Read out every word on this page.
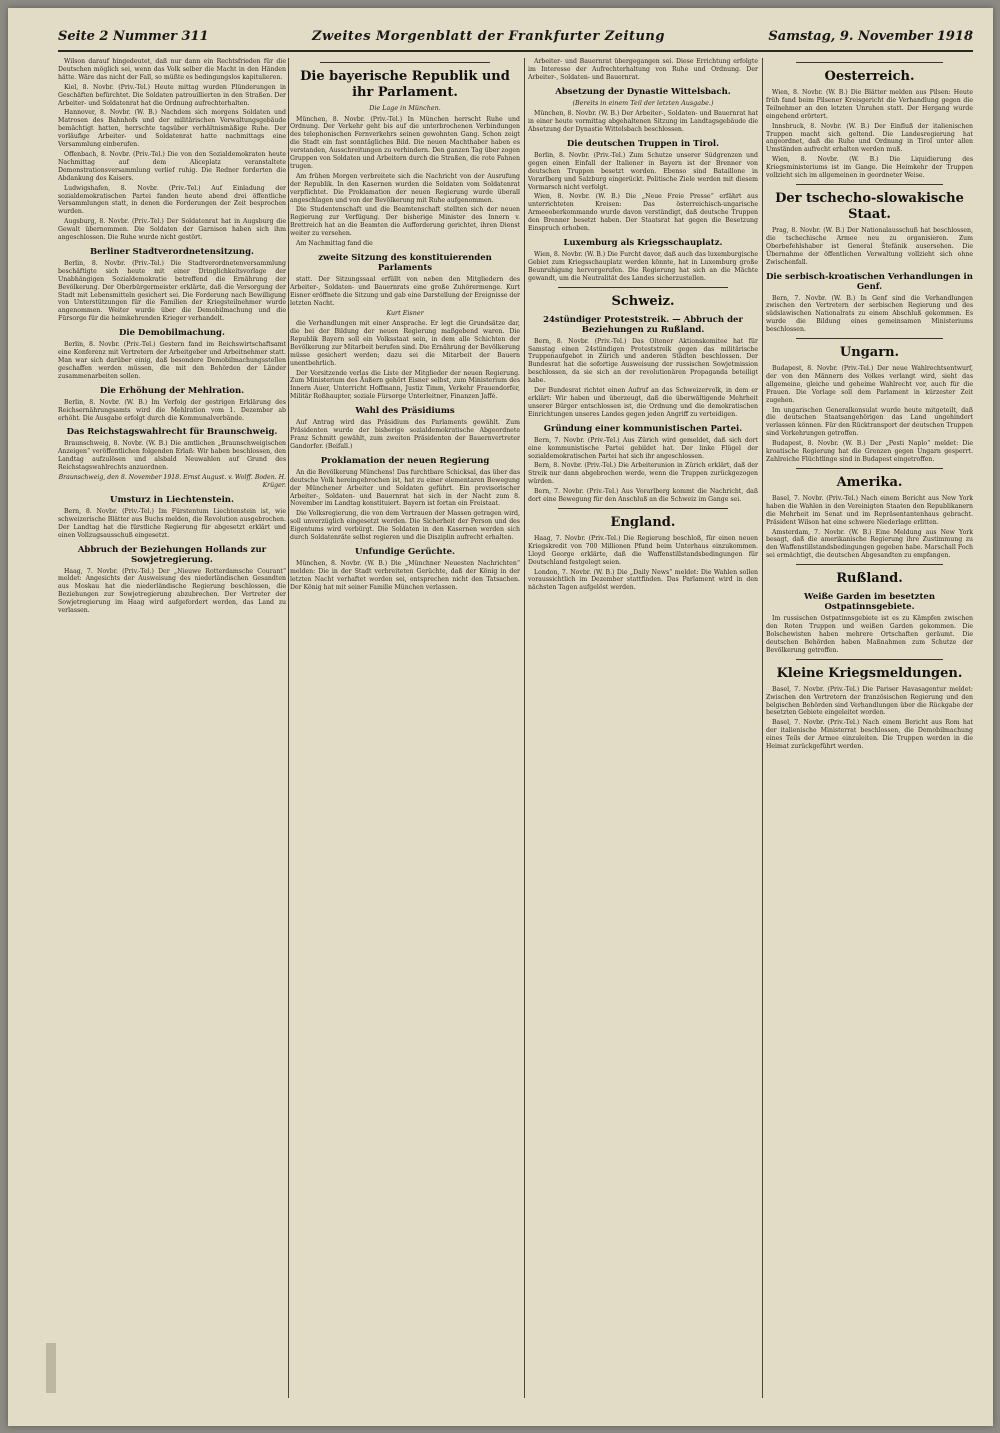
Seite 2 Nummer 311	Zweites Morgenblatt der Frankfurter Zeitung	Samstag, 9. November 1918
Wilson darauf hingedeutet, daß nur dann ein Rechtsfrieden für die Deutschen möglich sei, wenn das Volk selber die Macht in den Händen hätte. Wäre das nicht der Fall, so müßte es bedingungslos kapitulieren.
Kiel, 8. Novbr. (Priv.-Tel.) Heute mittag wurden Plünderungen in Geschäften befürchtet. Die Soldaten patrouillierten in den Straßen. Der Arbeiter- und Soldatenrat hat die Ordnung aufrechterhalten.
Hannover, 8. Novbr. (W. B.) Nachdem sich morgens Soldaten und Matrosen des Bahnhofs und der militärischen Verwaltungsgebäude bemächtigt hatten, herrschte tagsüber verhältnismäßige Ruhe. Der vorläufige Arbeiter- und Soldatenrat hatte nachmittags eine Versammlung einberufen.
Offenbach, 8. Novbr. (Priv.-Tel.) Die von den Sozialdemokraten heute Nachmittag auf dem Aliceplatz veranstaltete Demonstrationsversammlung verlief ruhig. Die Redner forderten die Abdankung des Kaisers.
Ludwigshafen, 8. Novbr. (Priv.-Tel.) Auf Einladung der sozialdemokratischen Partei fanden heute abend drei öffentliche Versammlungen statt, in denen die Forderungen der Zeit besprochen wurden.
Augsburg, 8. Novbr. (Priv.-Tel.) Der Soldatenrat hat in Augsburg die Gewalt übernommen. Die Soldaten der Garnison haben sich ihm angeschlossen. Die Ruhe wurde nicht gestört.
Berliner Stadtverordnetensitzung.
Berlin, 8. Novbr. (Priv.-Tel.) Die Stadtverordnetenversammlung beschäftigte sich heute mit einer Dringlichkeitsvorlage der Unabhängigen Sozialdemokratie betreffend die Ernährung der Bevölkerung. Der Oberbürgermeister erklärte, daß die Versorgung der Stadt mit Lebensmitteln gesichert sei. Die Forderung nach Bewilligung von Unterstützungen für die Familien der Kriegsteilnehmer wurde angenommen. Weiter wurde über die Demobilmachung und die Fürsorge für die heimkehrenden Krieger verhandelt.
Die Demobilmachung.
Berlin, 8. Novbr. (Priv.-Tel.) Gestern fand im Reichswirtschaftsamt eine Konferenz mit Vertretern der Arbeitgeber und Arbeitnehmer statt. Man war sich darüber einig, daß besondere Demobilmachungsstellen geschaffen werden müssen, die mit den Behörden der Länder zusammenarbeiten sollen.
Die Erhöhung der Mehlration.
Berlin, 8. Novbr. (W. B.) Im Verfolg der gestrigen Erklärung des Reichsernährungsamts wird die Mehlration vom 1. Dezember ab erhöht. Die Ausgabe erfolgt durch die Kommunalverbände.
Das Reichstagswahlrecht für Braunschweig.
Braunschweig, 8. Novbr. (W. B.) Die amtlichen „Braunschweigischen Anzeigen“ veröffentlichen folgenden Erlaß: Wir haben beschlossen, den Landtag aufzulösen und alsbald Neuwahlen auf Grund des Reichstagswahlrechts anzuordnen.
Braunschweig, den 8. November 1918. Ernst August. v. Wolff. Boden. H. Krüger.
Umsturz in Liechtenstein.
Bern, 8. Novbr. (Priv.-Tel.) Im Fürstentum Liechtenstein ist, wie schweizerische Blätter aus Buchs melden, die Revolution ausgebrochen. Der Landtag hat die fürstliche Regierung für abgesetzt erklärt und einen Vollzugsausschuß eingesetzt.
Abbruch der Beziehungen Hollands zur Sowjetregierung.
Haag, 7. Novbr. (Priv.-Tel.) Der „Nieuwe Rotterdamsche Courant“ meldet: Angesichts der Ausweisung des niederländischen Gesandten aus Moskau hat die niederländische Regierung beschlossen, die Beziehungen zur Sowjetregierung abzubrechen. Der Vertreter der Sowjetregierung im Haag wird aufgefordert werden, das Land zu verlassen.
Die bayerische Republik und ihr Parlament.
Die Lage in München.
München, 8. Novbr. (Priv.-Tel.) In München herrscht Ruhe und Ordnung. Der Verkehr geht bis auf die unterbrochenen Verbindungen des telephonischen Fernverkehrs seinen gewohnten Gang. Schon zeigt die Stadt ein fast sonntägliches Bild. Die neuen Machthaber haben es verstanden, Ausschreitungen zu verhindern. Den ganzen Tag über zogen Gruppen von Soldaten und Arbeitern durch die Straßen, die rote Fahnen trugen.
Am frühen Morgen verbreitete sich die Nachricht von der Ausrufung der Republik. In den Kasernen wurden die Soldaten vom Soldatenrat verpflichtet. Die Proklamation der neuen Regierung wurde überall angeschlagen und von der Bevölkerung mit Ruhe aufgenommen.
Die Studentenschaft und die Beamtenschaft stellten sich der neuen Regierung zur Verfügung. Der bisherige Minister des Innern v. Brettreich hat an die Beamten die Aufforderung gerichtet, ihren Dienst weiter zu versehen.
Am Nachmittag fand die
zweite Sitzung des konstituierenden Parlaments
statt. Der Sitzungssaal erfüllt von neben den Mitgliedern des Arbeiter-, Soldaten- und Bauernrats eine große Zuhörermenge. Kurt Eisner eröffnete die Sitzung und gab eine Darstellung der Ereignisse der letzten Nacht.
Kurt Eisner
die Verhandlungen mit einer Ansprache. Er legt die Grundsätze dar, die bei der Bildung der neuen Regierung maßgebend waren. Die Republik Bayern soll ein Volksstaat sein, in dem alle Schichten der Bevölkerung zur Mitarbeit berufen sind. Die Ernährung der Bevölkerung müsse gesichert werden; dazu sei die Mitarbeit der Bauern unentbehrlich.
Der Vorsitzende verlas die Liste der Mitglieder der neuen Regierung. Zum Ministerium des Äußern gehört Eisner selbst, zum Ministerium des Innern Auer, Unterricht Hoffmann, Justiz Timm, Verkehr Frauendorfer, Militär Roßhaupter, soziale Fürsorge Unterleitner, Finanzen Jaffé.
Wahl des Präsidiums
Auf Antrag wird das Präsidium des Parlaments gewählt. Zum Präsidenten wurde der bisherige sozialdemokratische Abgeordnete Franz Schmitt gewählt, zum zweiten Präsidenten der Bauernvertreter Gandorfer. (Beifall.)
Proklamation der neuen Regierung
An die Bevölkerung Münchens! Das furchtbare Schicksal, das über das deutsche Volk hereingebrochen ist, hat zu einer elementaren Bewegung der Münchener Arbeiter und Soldaten geführt. Ein provisorischer Arbeiter-, Soldaten- und Bauernrat hat sich in der Nacht zum 8. November im Landtag konstituiert. Bayern ist fortan ein Freistaat.
Die Volksregierung, die von dem Vertrauen der Massen getragen wird, soll unverzüglich eingesetzt werden. Die Sicherheit der Person und des Eigentums wird verbürgt. Die Soldaten in den Kasernen werden sich durch Soldatenräte selbst regieren und die Disziplin aufrecht erhalten.
Unfundige Gerüchte.
München, 8. Novbr. (W. B.) Die „Münchner Neuesten Nachrichten“ melden: Die in der Stadt verbreiteten Gerüchte, daß der König in der letzten Nacht verhaftet worden sei, entsprechen nicht den Tatsachen. Der König hat mit seiner Familie München verlassen.
Arbeiter- und Bauernrat übergegangen sei. Diese Errichtung erfolgte im Interesse der Aufrechterhaltung von Ruhe und Ordnung. Der Arbeiter-, Soldaten- und Bauernrat.
Absetzung der Dynastie Wittelsbach.
(Bereits in einem Teil der letzten Ausgabe.)
München, 8. Novbr. (W. B.) Der Arbeiter-, Soldaten- und Bauernrat hat in einer heute vormittag abgehaltenen Sitzung im Landtagsgebäude die Absetzung der Dynastie Wittelsbach beschlossen.
Die deutschen Truppen in Tirol.
Berlin, 8. Novbr. (Priv.-Tel.) Zum Schutze unserer Südgrenzen und gegen einen Einfall der Italiener in Bayern ist der Brenner von deutschen Truppen besetzt worden. Ebenso sind Bataillone in Vorarlberg und Salzburg eingerückt. Politische Ziele werden mit diesem Vormarsch nicht verfolgt.
Wien, 8. Novbr. (W. B.) Die „Neue Freie Presse“ erfährt aus unterrichteten Kreisen: Das österreichisch-ungarische Armeeoberkommando wurde davon verständigt, daß deutsche Truppen den Brenner besetzt haben. Der Staatsrat hat gegen die Besetzung Einspruch erhoben.
Luxemburg als Kriegsschauplatz.
Wien, 8. Novbr. (W. B.) Die Furcht davor, daß auch das luxemburgische Gebiet zum Kriegsschauplatz werden könnte, hat in Luxemburg große Beunruhigung hervorgerufen. Die Regierung hat sich an die Mächte gewandt, um die Neutralität des Landes sicherzustellen.
Schweiz.
24stündiger Proteststreik. — Abbruch der Beziehungen zu Rußland.
Bern, 8. Novbr. (Priv.-Tel.) Das Oltener Aktionskomitee hat für Samstag einen 24stündigen Proteststreik gegen das militärische Truppenaufgebot in Zürich und anderen Städten beschlossen. Der Bundesrat hat die sofortige Ausweisung der russischen Sowjetmission beschlossen, da sie sich an der revolutionären Propaganda beteiligt habe.
Der Bundesrat richtet einen Aufruf an das Schweizervolk, in dem er erklärt: Wir haben und überzeugt, daß die überwältigende Mehrheit unserer Bürger entschlossen ist, die Ordnung und die demokratischen Einrichtungen unseres Landes gegen jeden Angriff zu verteidigen.
Gründung einer kommunistischen Partei.
Bern, 7. Novbr. (Priv.-Tel.) Aus Zürich wird gemeldet, daß sich dort eine kommunistische Partei gebildet hat. Der linke Flügel der sozialdemokratischen Partei hat sich ihr angeschlossen.
Bern, 8. Novbr. (Priv.-Tel.) Die Arbeiterunion in Zürich erklärt, daß der Streik nur dann abgebrochen werde, wenn die Truppen zurückgezogen würden.
Bern, 7. Novbr. (Priv.-Tel.) Aus Vorarlberg kommt die Nachricht, daß dort eine Bewegung für den Anschluß an die Schweiz im Gange sei.
England.
Haag, 7. Novbr. (Priv.-Tel.) Die Regierung beschloß, für einen neuen Kriegskredit von 700 Millionen Pfund beim Unterhaus einzukommen. Lloyd George erklärte, daß die Waffenstillstandsbedingungen für Deutschland festgelegt seien.
London, 7. Novbr. (W. B.) Die „Daily News“ meldet: Die Wahlen sollen voraussichtlich im Dezember stattfinden. Das Parlament wird in den nächsten Tagen aufgelöst werden.
Oesterreich.
Wien, 8. Novbr. (W. B.) Die Blätter melden aus Pilsen: Heute früh fand beim Pilsener Kreisgericht die Verhandlung gegen die Teilnehmer an den letzten Unruhen statt. Der Hergang wurde eingehend erörtert.
Innsbruck, 8. Novbr. (W. B.) Der Einfluß der italienischen Truppen macht sich geltend. Die Landesregierung hat angeordnet, daß die Ruhe und Ordnung in Tirol unter allen Umständen aufrecht erhalten werden muß.
Wien, 8. Novbr. (W. B.) Die Liquidierung des Kriegsministeriums ist im Gange. Die Heimkehr der Truppen vollzieht sich im allgemeinen in geordneter Weise.
Der tschecho-slowakische Staat.
Prag, 8. Novbr. (W. B.) Der Nationalausschuß hat beschlossen, die tschechische Armee neu zu organisieren. Zum Oberbefehlshaber ist General Štefánik ausersehen. Die Übernahme der öffentlichen Verwaltung vollzieht sich ohne Zwischenfall.
Die serbisch-kroatischen Verhandlungen in Genf.
Bern, 7. Novbr. (W. B.) In Genf sind die Verhandlungen zwischen den Vertretern der serbischen Regierung und des südslawischen Nationalrats zu einem Abschluß gekommen. Es wurde die Bildung eines gemeinsamen Ministeriums beschlossen.
Ungarn.
Budapest, 8. Novbr. (Priv.-Tel.) Der neue Wahlrechtsentwurf, der von den Männern des Volkes verlangt wird, sieht das allgemeine, gleiche und geheime Wahlrecht vor, auch für die Frauen. Die Vorlage soll dem Parlament in kürzester Zeit zugehen.
Im ungarischen Generalkonsulat wurde heute mitgeteilt, daß die deutschen Staatsangehörigen das Land ungehindert verlassen können. Für den Rücktransport der deutschen Truppen sind Vorkehrungen getroffen.
Budapest, 8. Novbr. (W. B.) Der „Pesti Naplo“ meldet: Die kroatische Regierung hat die Grenzen gegen Ungarn gesperrt. Zahlreiche Flüchtlinge sind in Budapest eingetroffen.
Amerika.
Basel, 7. Novbr. (Priv.-Tel.) Nach einem Bericht aus New York haben die Wahlen in den Vereinigten Staaten den Republikanern die Mehrheit im Senat und im Repräsentantenhaus gebracht. Präsident Wilson hat eine schwere Niederlage erlitten.
Amsterdam, 7. Novbr. (W. B.) Eine Meldung aus New York besagt, daß die amerikanische Regierung ihre Zustimmung zu den Waffenstillstandsbedingungen gegeben habe. Marschall Foch sei ermächtigt, die deutschen Abgesandten zu empfangen.
Rußland.
Weiße Garden im besetzten Ostpatinnsgebiete.
Im russischen Ostpatinnsgebiete ist es zu Kämpfen zwischen den Roten Truppen und weißen Garden gekommen. Die Bolschewisten haben mehrere Ortschaften geräumt. Die deutschen Behörden haben Maßnahmen zum Schutze der Bevölkerung getroffen.
Kleine Kriegsmeldungen.
Basel, 7. Novbr. (Priv.-Tel.) Die Pariser Havasagentur meldet: Zwischen den Vertretern der französischen Regierung und den belgischen Behörden sind Verhandlungen über die Rückgabe der besetzten Gebiete eingeleitet worden.
Basel, 7. Novbr. (Priv.-Tel.) Nach einem Bericht aus Rom hat der italienische Ministerrat beschlossen, die Demobilmachung eines Teils der Armee einzuleiten. Die Truppen werden in die Heimat zurückgeführt werden.
